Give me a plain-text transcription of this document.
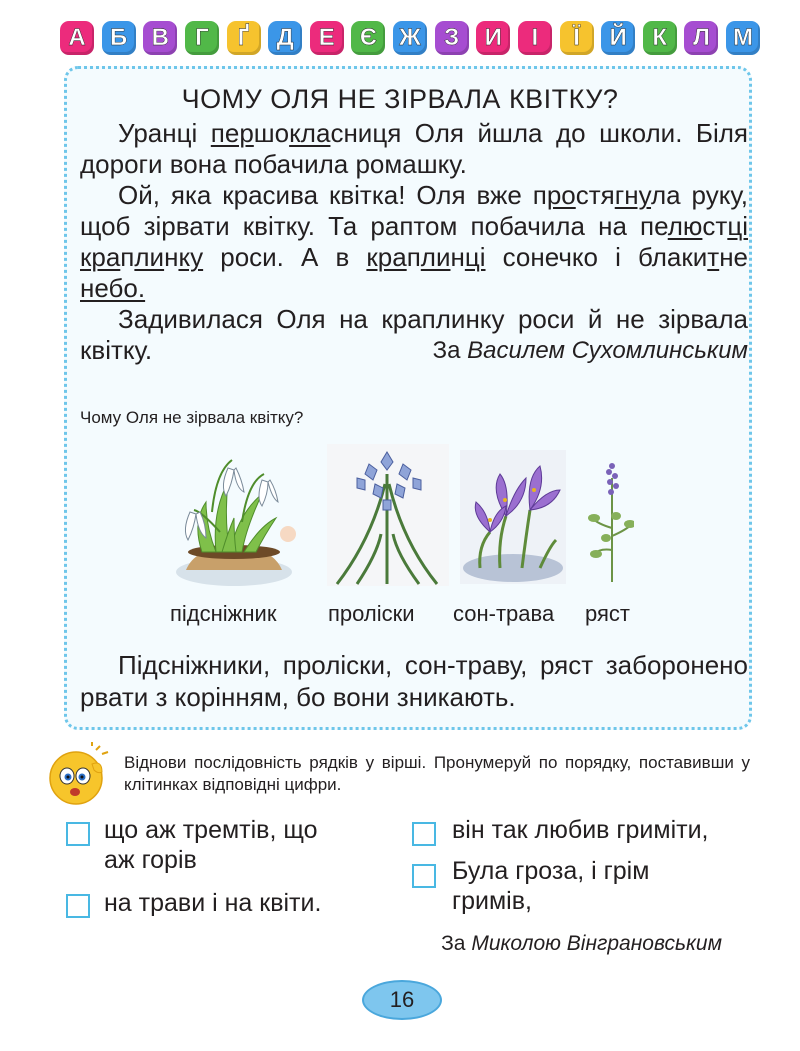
А	Б	В	Г	Ґ	Д	Е	Є Ж З	И	І	Ї	Й	К	Л М
ЧОМУ ОЛЯ НЕ ЗІРВАЛА КВІТКУ?

Уранці першокласниця Оля йшла до школи. Біля дороги вона побачила ромашку.

Ой, яка красива квітка! Оля вже простягнула руку, щоб зірвати квітку. Та раптом побачила на пелюстці краплинку роси. А в краплинці сонечко і блакитне небо.

Задивилася Оля на краплинку роси й не зірвала квітку.	За Василем Сухомлинським
Чому Оля не зірвала квітку?
підсніжник проліски сон-трава ряст

Підсніжники, проліски, сон-траву, ряст заборонено рвати з корінням, бо вони зникають.

Віднови послідовність рядків у вірші. Пронумеруй по порядку, поставивши у клітинках відповідні цифри.
що аж тремтів, що
аж горів
на трави і на квіти.
він так любив гриміти,
Була гроза, і грім
гримів,
За Миколою Вінграновським
16
